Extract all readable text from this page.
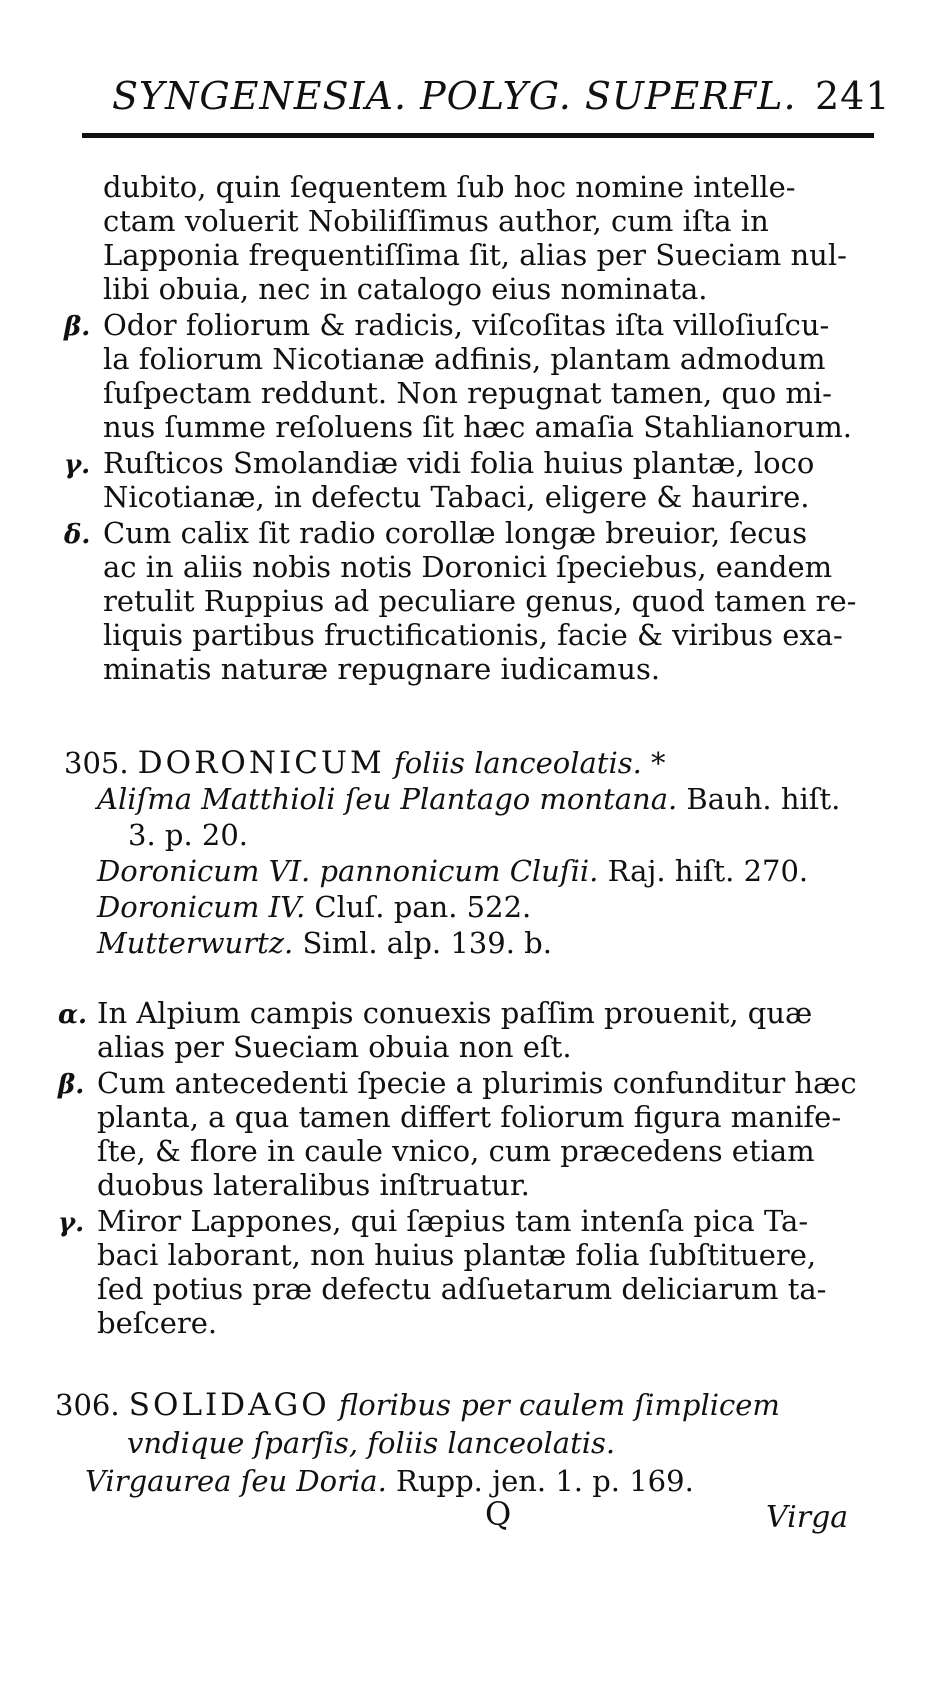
SYNGENESIA. POLYG. SUPERFL. 241
dubito, quin ſequentem ſub hoc nomine intelle-
ctam voluerit Nobiliſſimus author, cum iſta in
Lapponia frequentiſſima ſit, alias per Sueciam nul-
libi obuia, nec in catalogo eius nominata.
β. Odor foliorum & radicis, viſcoſitas iſta villoſiuſcu-
la foliorum Nicotianæ adfinis, plantam admodum
ſuſpectam reddunt. Non repugnat tamen, quo mi-
nus ſumme reſoluens ſit hæc amaſia Stahlianorum.
γ. Ruſticos Smolandiæ vidi folia huius plantæ, loco
Nicotianæ, in defectu Tabaci, eligere & haurire.
δ. Cum calix ſit radio corollæ longæ breuior, ſecus
ac in aliis nobis notis Doronici ſpeciebus, eandem
retulit Ruppius ad peculiare genus, quod tamen re-
liquis partibus fructificationis, facie & viribus exa-
minatis naturæ repugnare iudicamus.
305. DORONICUM foliis lanceolatis. *
Aliſma Matthioli ſeu Plantago montana. Bauh. hiſt.
3. p. 20.
Doronicum VI. pannonicum Cluſii. Raj. hiſt. 270.
Doronicum IV. Cluſ. pan. 522.
Mutterwurtz. Siml. alp. 139. b.
α. In Alpium campis conuexis paſſim prouenit, quæ
alias per Sueciam obuia non eſt.
β. Cum antecedenti ſpecie a plurimis confunditur hæc
planta, a qua tamen differt foliorum figura manife-
ſte, & flore in caule vnico, cum præcedens etiam
duobus lateralibus inſtruatur.
γ. Miror Lappones, qui ſæpius tam intenſa pica Ta-
baci laborant, non huius plantæ folia ſubſtituere,
ſed potius præ defectu adſuetarum deliciarum ta-
beſcere.
306. SOLIDAGO floribus per caulem ſimplicem
vndique ſparſis, foliis lanceolatis.
Virgaurea ſeu Doria. Rupp. jen. 1. p. 169.
Q	Virga
